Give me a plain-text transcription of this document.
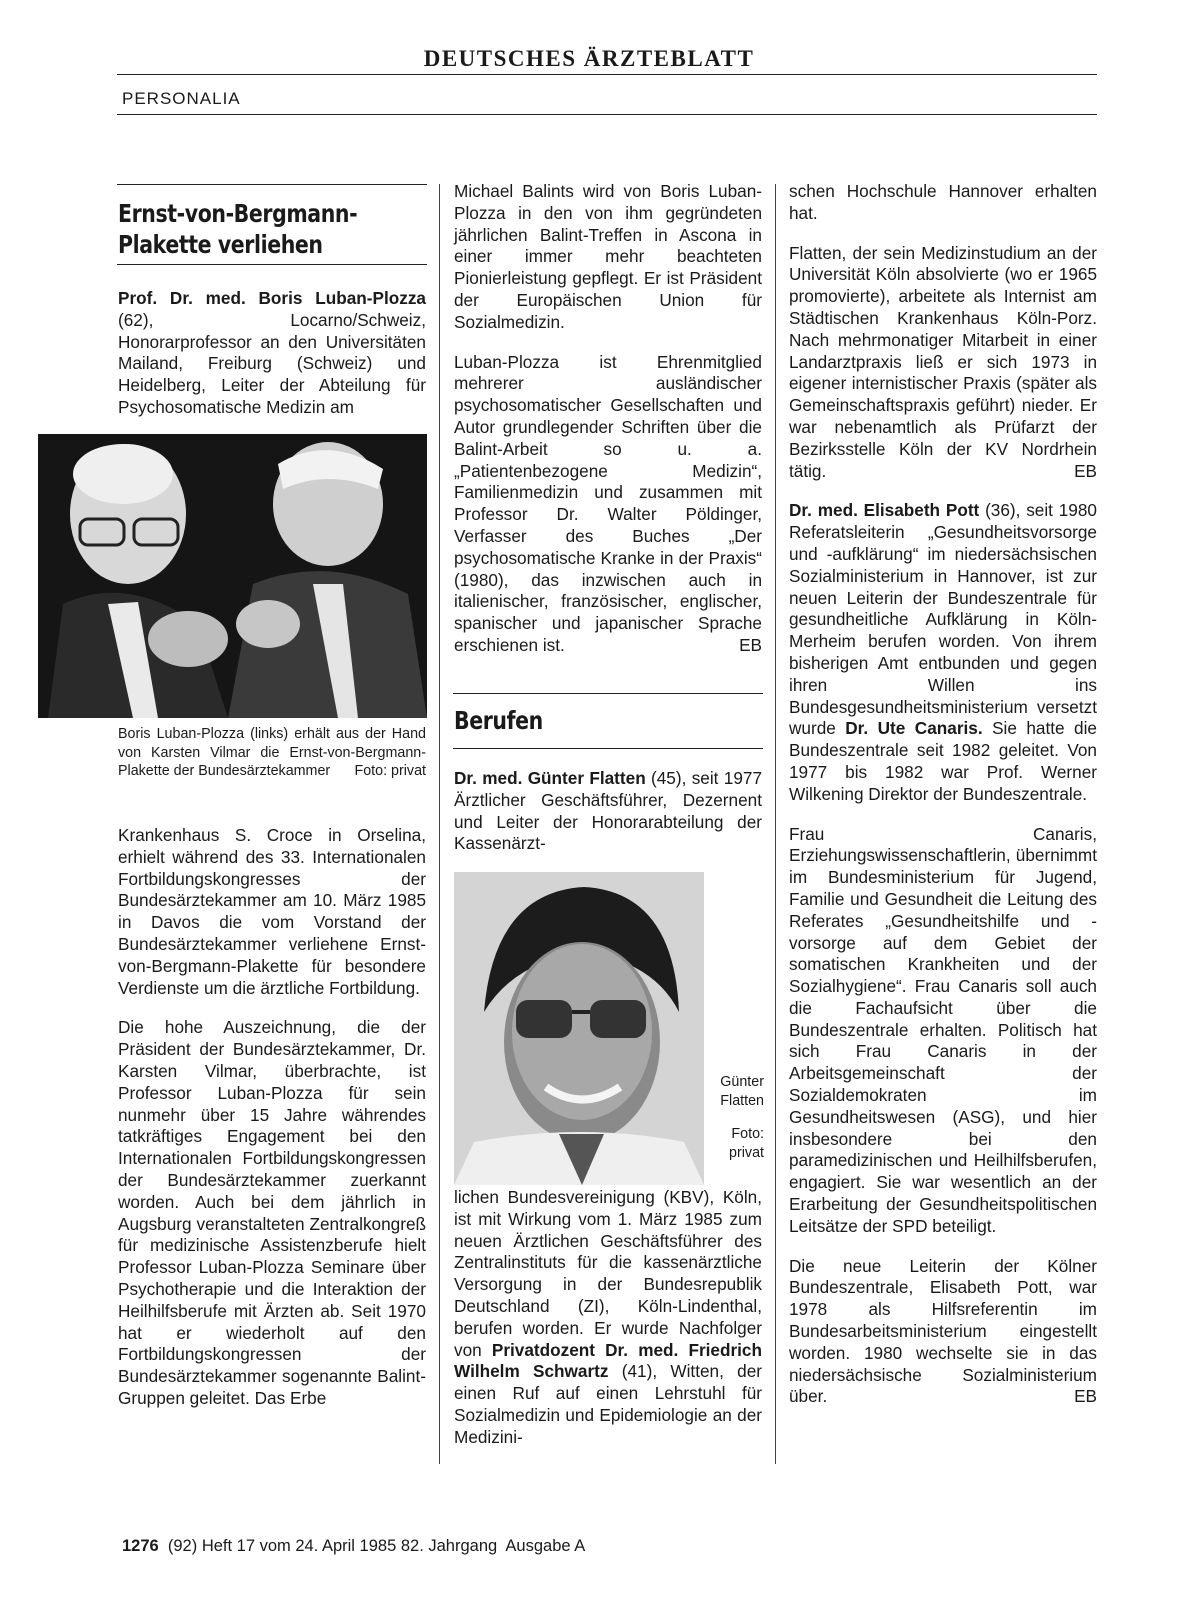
DEUTSCHES ÄRZTEBLATT
PERSONALIA
Ernst-von-Bergmann-
Plakette verliehen

Prof. Dr. med. Boris Luban-Plozza (62), Locarno/Schweiz, Honorarprofessor an den Universitäten Mailand, Freiburg (Schweiz) und Heidelberg, Leiter der Abteilung für Psychosomatische Medizin am

Boris Luban-Plozza (links) erhält aus der Hand von Karsten Vilmar die Ernst-von-Bergmann-Plakette der Bundesärztekammer Foto: privat

Krankenhaus S. Croce in Orselina, erhielt während des 33. Internationalen Fortbildungskongresses der Bundesärztekammer am 10. März 1985 in Davos die vom Vorstand der Bundesärztekammer verliehene Ernst-von-Bergmann-Plakette für besondere Verdienste um die ärztliche Fortbildung.

Die hohe Auszeichnung, die der Präsident der Bundesärztekammer, Dr. Karsten Vilmar, überbrachte, ist Professor Luban-Plozza für sein nunmehr über 15 Jahre währendes tatkräftiges Engagement bei den Internationalen Fortbildungskongressen der Bundesärztekammer zuerkannt worden. Auch bei dem jährlich in Augsburg veranstalteten Zentralkongreß für medizinische Assistenzberufe hielt Professor Luban-Plozza Seminare über Psychotherapie und die Interaktion der Heilhilfsberufe mit Ärzten ab. Seit 1970 hat er wiederholt auf den Fortbildungskongressen der Bundesärztekammer sogenannte Balint-Gruppen geleitet. Das Erbe

Michael Balints wird von Boris Luban-Plozza in den von ihm gegründeten jährlichen Balint-Treffen in Ascona in einer immer mehr beachteten Pionierleistung gepflegt. Er ist Präsident der Europäischen Union für Sozialmedizin.

Luban-Plozza ist Ehrenmitglied mehrerer ausländischer psychosomatischer Gesellschaften und Autor grundlegender Schriften über die Balint-Arbeit so u. a. „Patientenbezogene Medizin“, Familienmedizin und zusammen mit Professor Dr. Walter Pöldinger, Verfasser des Buches „Der psychosomatische Kranke in der Praxis“ (1980), das inzwischen auch in italienischer, französischer, englischer, spanischer und japanischer Sprache erschienen ist.	EB

Berufen

Dr. med. Günter Flatten (45), seit 1977 Ärztlicher Geschäftsführer, Dezernent und Leiter der Honorarabteilung der Kassenärzt-

Günter
Flatten
Foto:
privat

lichen Bundesvereinigung (KBV), Köln, ist mit Wirkung vom 1. März 1985 zum neuen Ärztlichen Geschäftsführer des Zentralinstituts für die kassenärztliche Versorgung in der Bundesrepublik Deutschland (ZI), Köln-Lindenthal, berufen worden. Er wurde Nachfolger von Privatdozent Dr. med. Friedrich Wilhelm Schwartz (41), Witten, der einen Ruf auf einen Lehrstuhl für Sozialmedizin und Epidemiologie an der Medizini-

schen Hochschule Hannover erhalten hat.

Flatten, der sein Medizinstudium an der Universität Köln absolvierte (wo er 1965 promovierte), arbeitete als Internist am Städtischen Krankenhaus Köln-Porz. Nach mehrmonatiger Mitarbeit in einer Landarztpraxis ließ er sich 1973 in eigener internistischer Praxis (später als Gemeinschaftspraxis geführt) nieder. Er war nebenamtlich als Prüfarzt der Bezirksstelle Köln der KV Nordrhein tätig.	EB

Dr. med. Elisabeth Pott (36), seit 1980 Referatsleiterin „Gesundheitsvorsorge und -aufklärung“ im niedersächsischen Sozialministerium in Hannover, ist zur neuen Leiterin der Bundeszentrale für gesundheitliche Aufklärung in Köln-Merheim berufen worden. Von ihrem bisherigen Amt entbunden und gegen ihren Willen ins Bundesgesundheitsministerium versetzt wurde Dr. Ute Canaris. Sie hatte die Bundeszentrale seit 1982 geleitet. Von 1977 bis 1982 war Prof. Werner Wilkening Direktor der Bundeszentrale.

Frau Canaris, Erziehungswissenschaftlerin, übernimmt im Bundesministerium für Jugend, Familie und Gesundheit die Leitung des Referates „Gesundheitshilfe und -vorsorge auf dem Gebiet der somatischen Krankheiten und der Sozialhygiene“. Frau Canaris soll auch die Fachaufsicht über die Bundeszentrale erhalten. Politisch hat sich Frau Canaris in der Arbeitsgemeinschaft der Sozialdemokraten im Gesundheitswesen (ASG), und hier insbesondere bei den paramedizinischen und Heilhilfsberufen, engagiert. Sie war wesentlich an der Erarbeitung der Gesundheitspolitischen Leitsätze der SPD beteiligt.

Die neue Leiterin der Kölner Bundeszentrale, Elisabeth Pott, war 1978 als Hilfsreferentin im Bundesarbeitsministerium eingestellt worden. 1980 wechselte sie in das niedersächsische Sozialministerium über.	EB

1276  (92) Heft 17 vom 24. April 1985 82. Jahrgang  Ausgabe A
